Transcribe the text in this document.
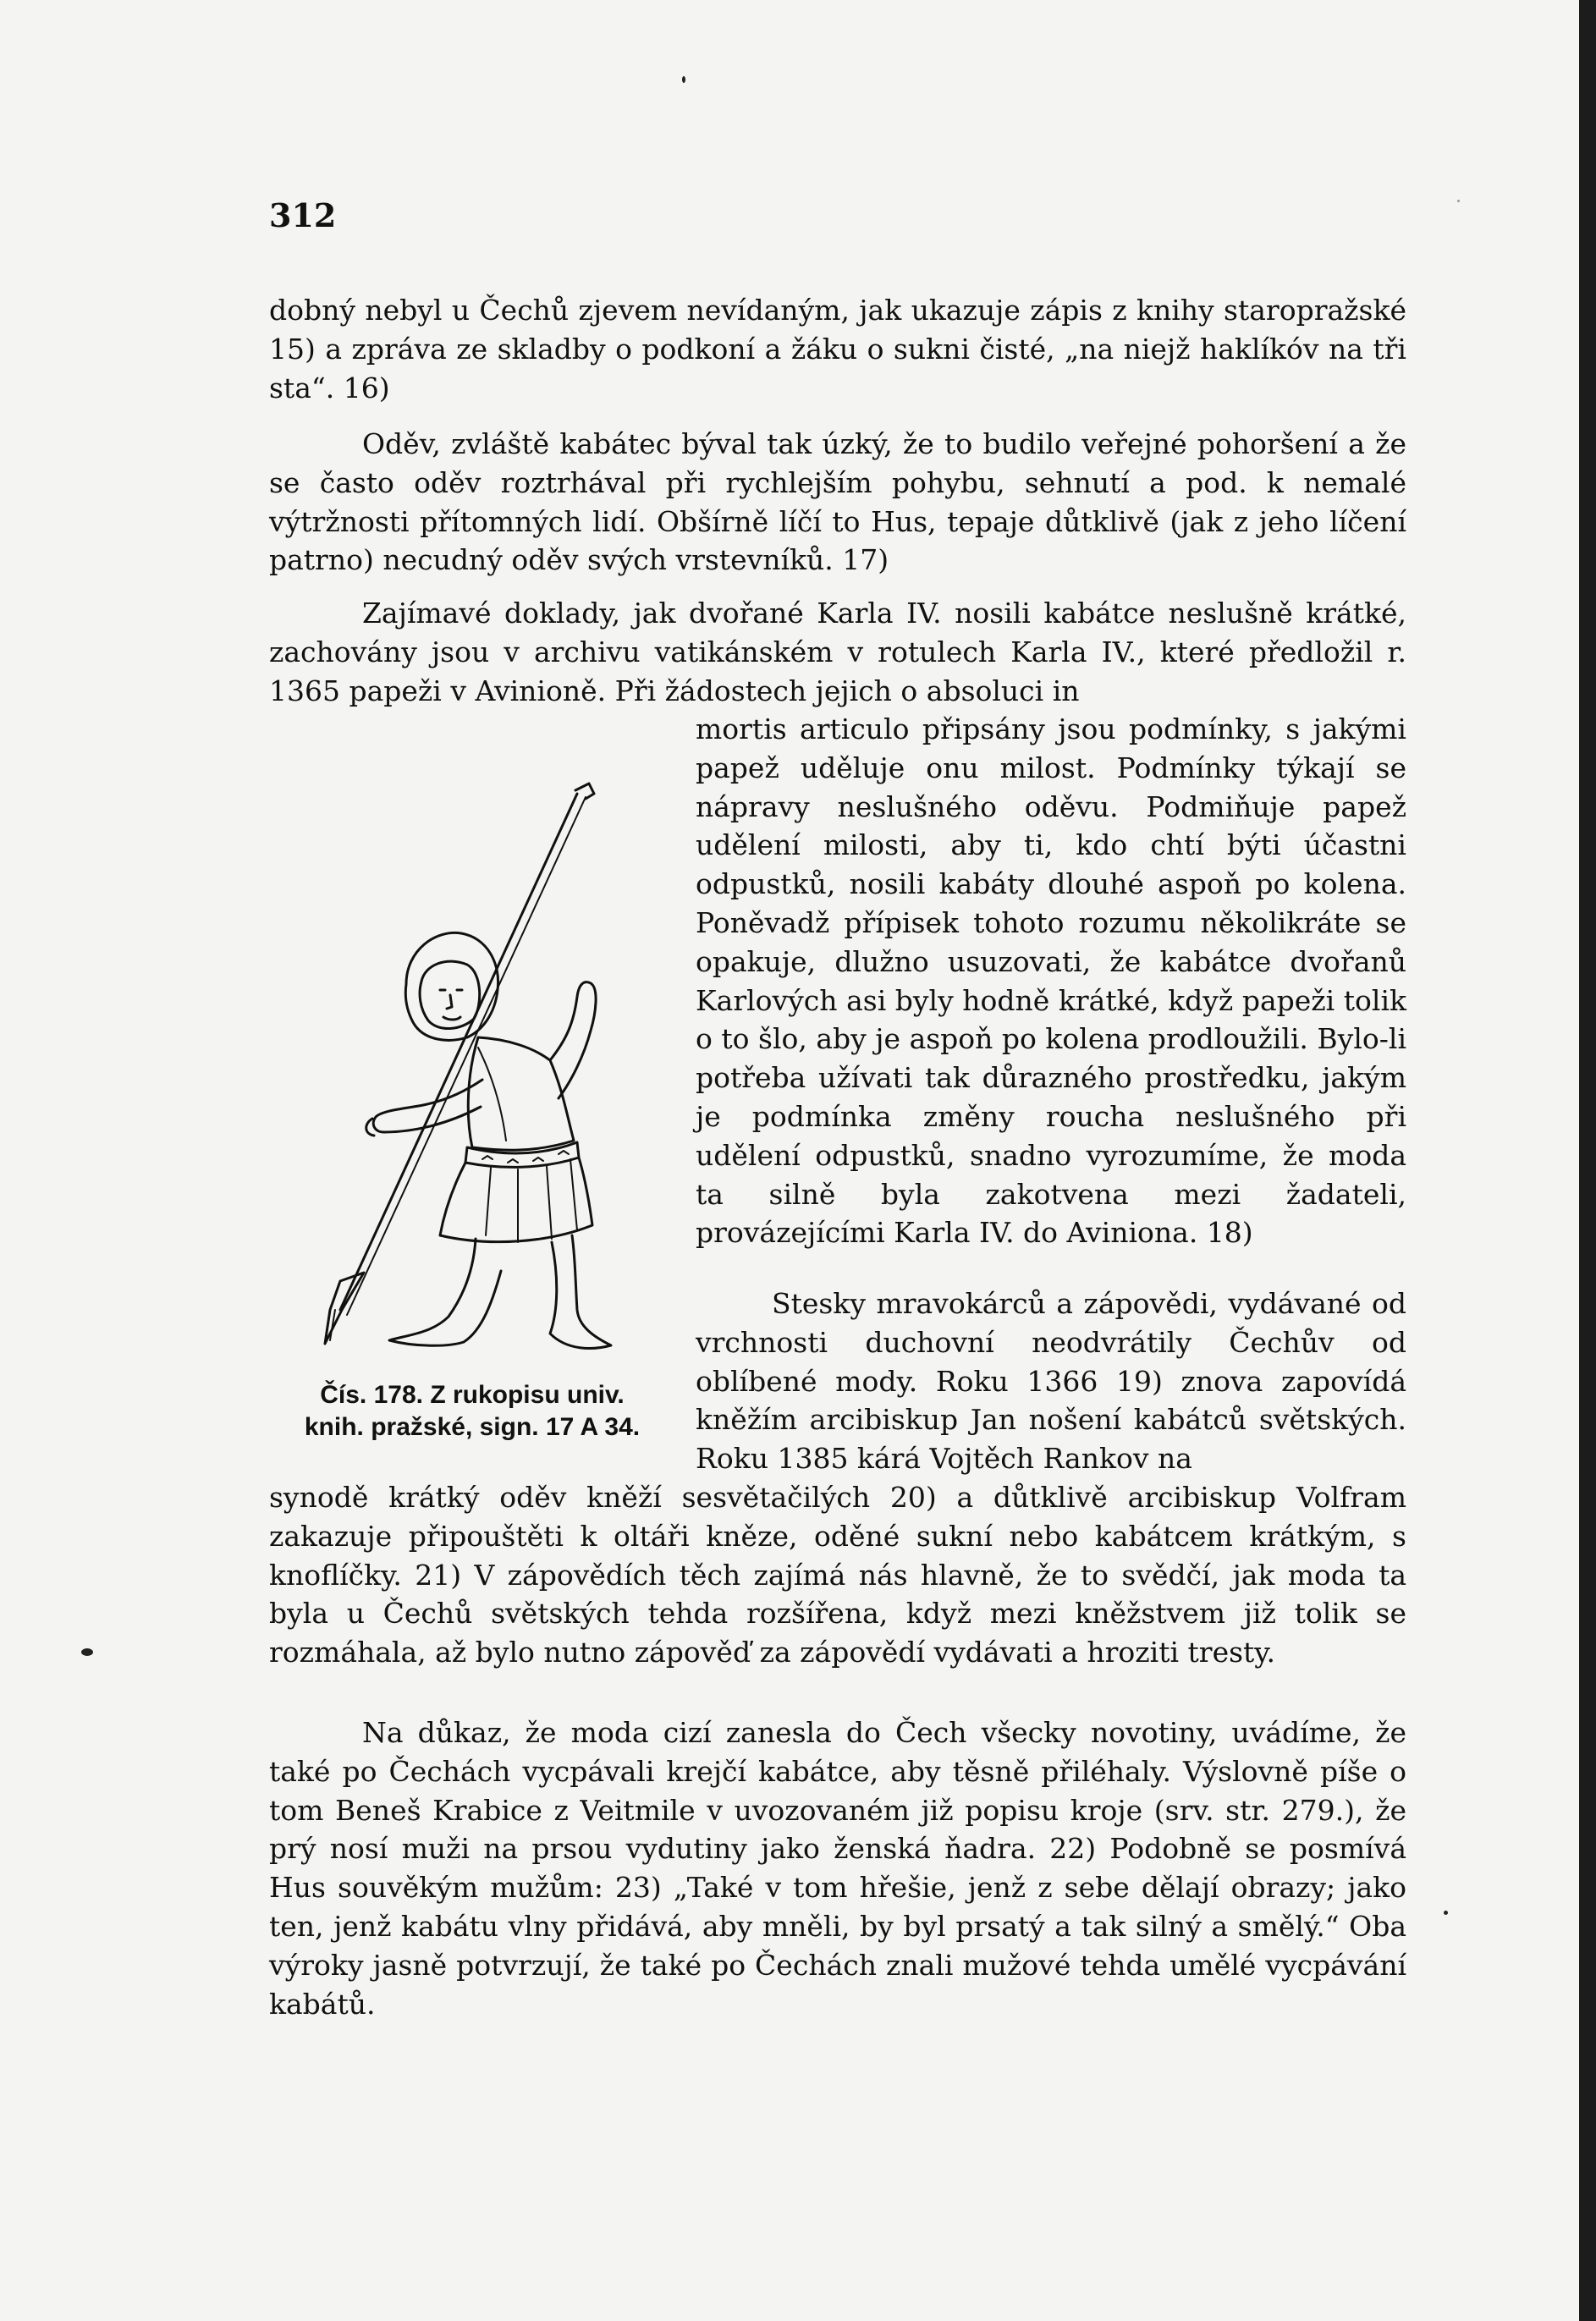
312

dobný nebyl u Čechů zjevem nevídaným, jak ukazuje zápis z knihy staropražské 15) a zpráva ze skladby o podkoní a žáku o sukni čisté, „na niejž haklíkóv na tři sta“. 16)

Oděv, zvláště kabátec býval tak úzký, že to budilo veřejné pohoršení a že se často oděv roztrhával při rychlejším pohybu, sehnutí a pod. k nemalé výtržnosti přítomných lidí. Obšírně líčí to Hus, tepaje důtklivě (jak z jeho líčení patrno) necudný oděv svých vrstevníků. 17)

Zajímavé doklady, jak dvořané Karla IV. nosili kabátce neslušně krátké, zachovány jsou v archivu vatikánském v rotulech Karla IV., které předložil r. 1365 papeži v Avinioně. Při žádostech jejich o absoluci in

mortis articulo připsány jsou podmínky, s jakými papež uděluje onu milost. Podmínky týkají se nápravy neslušného oděvu. Podmiňuje papež udělení milosti, aby ti, kdo chtí býti účastni odpustků, nosili kabáty dlouhé aspoň po kolena. Poněvadž přípisek tohoto rozumu několikráte se opakuje, dlužno usuzovati, že kabátce dvořanů Karlových asi byly hodně krátké, když papeži tolik o to šlo, aby je aspoň po kolena prodloužili. Bylo-li potřeba užívati tak důrazného prostředku, jakým je podmínka změny roucha neslušného při udělení odpustků, snadno vyrozumíme, že moda ta silně byla zakotvena mezi žadateli, provázejícími Karla IV. do Aviniona. 18)

Stesky mravokárců a zápovědi, vydávané od vrchnosti duchovní neodvrátily Čechův od oblíbené mody. Roku 1366 19) znova zapovídá kněžím arcibiskup Jan nošení kabátců světských. Roku 1385 kárá Vojtěch Rankov na

synodě krátký oděv kněží sesvětačilých 20) a důtklivě arcibiskup Volfram zakazuje připouštěti k oltáři kněze, oděné sukní nebo kabátcem krátkým, s knoflíčky. 21) V zápovědích těch zajímá nás hlavně, že to svědčí, jak moda ta byla u Čechů světských tehda rozšířena, když mezi kněžstvem již tolik se rozmáhala, až bylo nutno zápověď za zápovědí vydávati a hroziti tresty.

Na důkaz, že moda cizí zanesla do Čech všecky novotiny, uvádíme, že také po Čechách vycpávali krejčí kabátce, aby těsně přiléhaly. Výslovně píše o tom Beneš Krabice z Veitmile v uvozovaném již popisu kroje (srv. str. 279.), že prý nosí muži na prsou vydutiny jako ženská ňadra. 22) Podobně se posmívá Hus souvěkým mužům: 23) „Také v tom hřešie, jenž z sebe dělají obrazy; jako ten, jenž kabátu vlny přidává, aby mněli, by byl prsatý a tak silný a smělý.“ Oba výroky jasně potvrzují, že také po Čechách znali mužové tehda umělé vycpávání kabátů.

Čís. 178. Z rukopisu univ.
knih. pražské, sign. 17 A 34.
